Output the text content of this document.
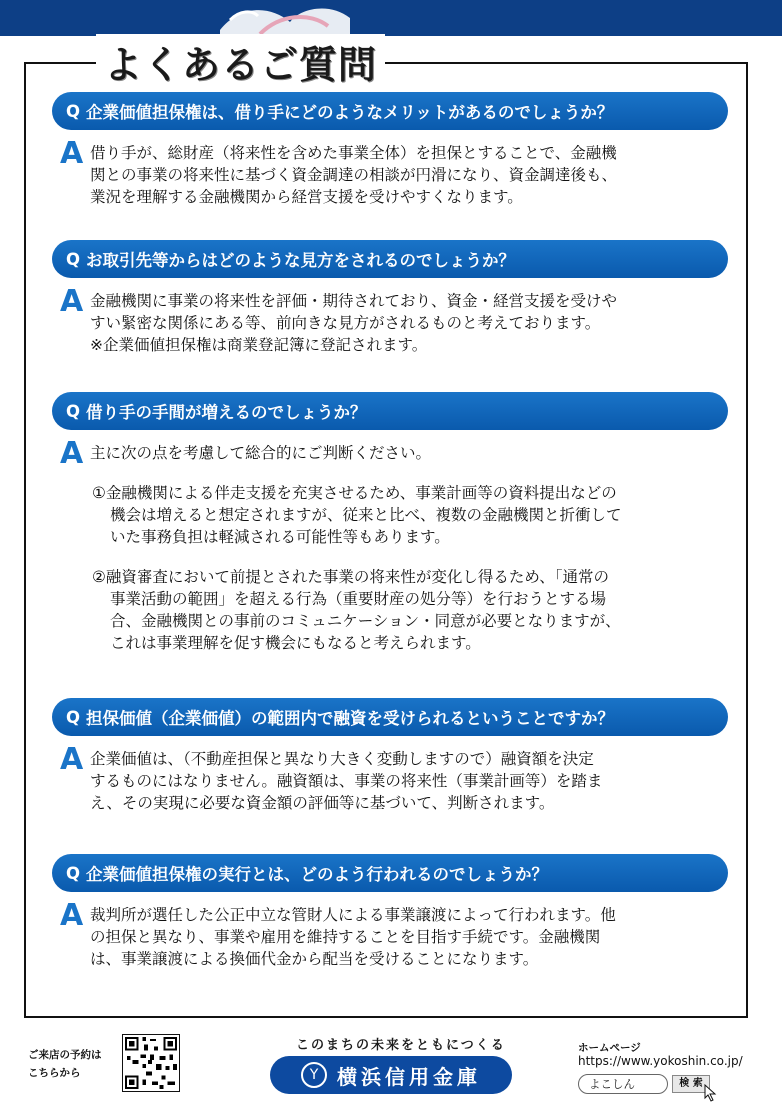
よくあるご質問
Q 企業価値担保権は、借り手にどのようなメリットがあるのでしょうか？
A 借り手が、総財産（将来性を含めた事業全体）を担保とすることで、金融機
関との事業の将来性に基づく資金調達の相談が円滑になり、資金調達後も、
業況を理解する金融機関から経営支援を受けやすくなります。
Q お取引先等からはどのような見方をされるのでしょうか？
A 金融機関に事業の将来性を評価・期待されており、資金・経営支援を受けや
すい緊密な関係にある等、前向きな見方がされるものと考えております。
※企業価値担保権は商業登記簿に登記されます。
Q 借り手の手間が増えるのでしょうか？
A 主に次の点を考慮して総合的にご判断ください。
①金融機関による伴走支援を充実させるため、事業計画等の資料提出などの
機会は増えると想定されますが、従来と比べ、複数の金融機関と折衝して
いた事務負担は軽減される可能性等もあります。
②融資審査において前提とされた事業の将来性が変化し得るため、「通常の
事業活動の範囲」を超える行為（重要財産の処分等）を行おうとする場
合、金融機関との事前のコミュニケーション・同意が必要となりますが、
これは事業理解を促す機会にもなると考えられます。
Q 担保価値（企業価値）の範囲内で融資を受けられるということですか？
A 企業価値は、（不動産担保と異なり大きく変動しますので）融資額を決定
するものにはなりません。融資額は、事業の将来性（事業計画等）を踏ま
え、その実現に必要な資金額の評価等に基づいて、判断されます。
Q 企業価値担保権の実行とは、どのよう行われるのでしょうか？
A 裁判所が選任した公正中立な管財人による事業譲渡によって行われます。他
の担保と異なり、事業や雇用を維持することを目指す手続です。金融機関
は、事業譲渡による換価代金から配当を受けることになります。
ご来店の予約は
こちらから
このまちの未来をともにつくる
Y 横浜信用金庫
ホームページ
https://www.yokoshin.co.jp/
よこしん	検 索
